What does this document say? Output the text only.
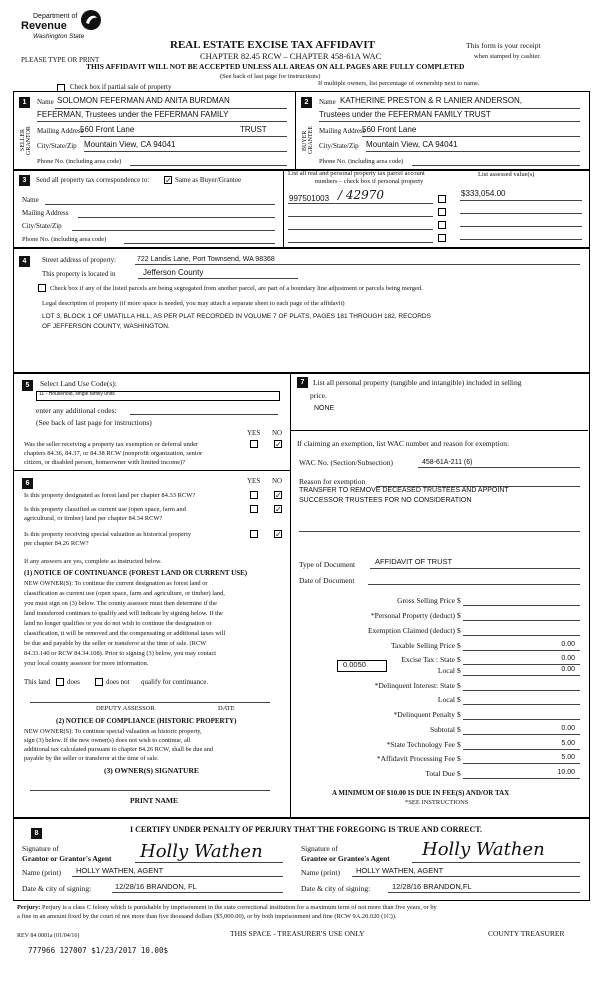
Department of
Revenue
Washington State
PLEASE TYPE OR PRINT
REAL ESTATE EXCISE TAX AFFIDAVIT
CHAPTER 82.45 RCW – CHAPTER 458-61A WAC
THIS AFFIDAVIT WILL NOT BE ACCEPTED UNLESS ALL AREAS ON ALL PAGES ARE FULLY COMPLETED
(See back of last page for instructions)
This form is your receipt
when stamped by cashier.
Check box if partial sale of property	If multiple owners, list percentage of ownership next to name.
1
SELLER GRANTOR
Name SOLOMON FEFERMAN AND ANITA BURDMAN
FEFERMAN, Trustees under the FEFERMAN FAMILY
Mailing Address
560 Front Lane	TRUST
City/State/Zip Mountain View, CA 94041
Phone No. (including area code)
2
BUYER GRANTEE
Name KATHERINE PRESTON & R LANIER ANDERSON,
Trustees under the FEFERMAN FAMILY TRUST
Mailing Address
560 Front Lane
City/State/Zip Mountain View, CA 94041
Phone No. (including area code)
3	Send all property tax correspondence to: ✓ Same as Buyer/Grantee
Name
Mailing Address
City/State/Zip
Phone No. (including area code)
List all real and personal property tax parcel account
numbers – check box if personal property
List assessed value(s)
997501003 / 42970	$333,054.00
4	Street address of property:	722 Landis Lane, Port Townsend, WA 98368
This property is located in	Jefferson County
Check box if any of the listed parcels are being segregated from another parcel, are part of a boundary line adjustment or parcels being merged.
Legal description of property (if more space is needed, you may attach a separate sheet to each page of the affidavit)
LOT 3, BLOCK 1 OF UMATILLA HILL, AS PER PLAT RECORDED IN VOLUME 7 OF PLATS, PAGES 181 THROUGH 182, RECORDS
OF JEFFERSON COUNTY, WASHINGTON.
5	Select Land Use Code(s):
11 - Household, single family units
enter any additional codes:
(See back of last page for instructions)
YES NO
Was the seller receiving a property tax exemption or deferral under
chapters 84.36, 84.37, or 84.38 RCW (nonprofit organization, senior
citizen, or disabled person, homeowner with limited income)?
✓
6	YES NO
Is this property designated as forest land per chapter 84.33 RCW?	✓
Is this property classified as current use (open space, farm and
agricultural, or timber) land per chapter 84.34 RCW?
✓
Is this property receiving special valuation as historical property
per chapter 84.26 RCW?
✓
If any answers are yes, complete as instructed below.
(1) NOTICE OF CONTINUANCE (FOREST LAND OR CURRENT USE)
NEW OWNER(S): To continue the current designation as forest land or
classification as current use (open space, farm and agriculture, or timber) land,
you must sign on (3) below. The county assessor must then determine if the
land transferred continues to qualify and will indicate by signing below. If the
land no longer qualifies or you do not wish to continue the designation or
classification, it will be removed and the compensating or additional taxes will
be due and payable by the seller or transferor at the time of sale. (RCW
84.33.140 or RCW 84.34.108). Prior to signing (3) below, you may contact
your local county assessor for more information.
This land does	does not qualify for continuance.
DEPUTY ASSESSOR	DATE
(2) NOTICE OF COMPLIANCE (HISTORIC PROPERTY)
NEW OWNER(S): To continue special valuation as historic property,
sign (3) below. If the new owner(s) does not wish to continue, all
additional tax calculated pursuant to chapter 84.26 RCW, shall be due and
payable by the seller or transferor at the time of sale.
(3) OWNER(S) SIGNATURE
PRINT NAME
7	List all personal property (tangible and intangible) included in selling
price.
NONE
If claiming an exemption, list WAC number and reason for exemption:
WAC No. (Section/Subsection)	458-61A-211 (6)
Reason for exemption
TRANSFER TO REMOVE DECEASED TRUSTEES AND APPOINT
SUCCESSOR TRUSTEES FOR NO CONSIDERATION
Type of Document	AFFIDAVIT OF TRUST
Date of Document
Gross Selling Price $
*Personal Property (deduct) $
Exemption Claimed (deduct) $
Taxable Selling Price $	0.00
Excise Tax : State $	0.00
Local $	0.00
*Delinquent Interest: State $
Local $
*Delinquent Penalty $
Subtotal $	0.00
*State Technology Fee $	5.00
*Affidavit Processing Fee $	5.00
Total Due $	10.00
0.0050
A MINIMUM OF $10.00 IS DUE IN FEE(S) AND/OR TAX
*SEE INSTRUCTIONS
8	I CERTIFY UNDER PENALTY OF PERJURY THAT THE FOREGOING IS TRUE AND CORRECT.
Signature of
Grantor or Grantor's Agent Holly Wathen
Name (print) HOLLY WATHEN, AGENT
Date & city of signing:	12/28/16 BRANDON, FL
Signature of
Grantee or Grantee's Agent Holly Wathen
Name (print) HOLLY WATHEN, AGENT
Date & city of signing:	12/28/16 BRANDON,FL
Perjury: Perjury is a class C felony which is punishable by imprisonment in the state correctional institution for a maximum term of not more than five years, or by
a fine in an amount fixed by the court of not more than five thousand dollars ($5,000.00), or by both imprisonment and fine (RCW 9A.20.020 (1C)).
REV 84 0001a (01/04/16)	THIS SPACE - TREASURER'S USE ONLY	COUNTY TREASURER
777966 127007 $1/23/2017 10.00$
